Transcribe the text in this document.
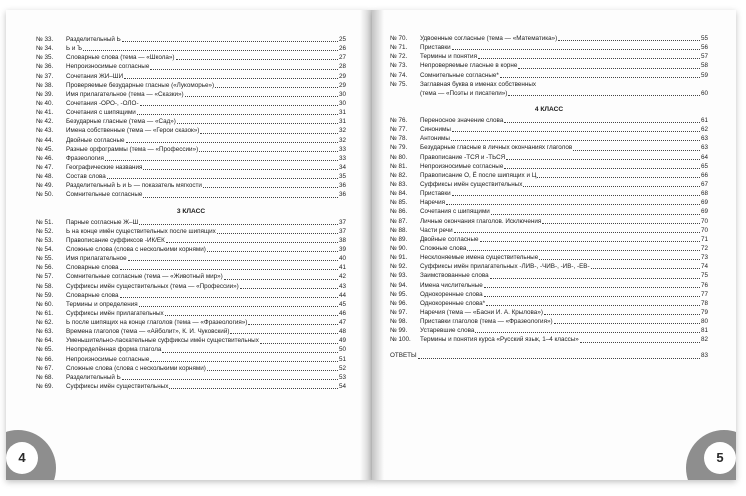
№ 33.	Разделительный Ь	25
№ 34.	Ь и Ъ	26
№ 35.	Словарные слова (тема — «Школа»)	27
№ 36.	Непроизносимые согласные	28
№ 37.	Сочетания ЖИ–ШИ	29
№ 38.	Проверяемые безударные гласные («Лукоморье»)	29
№ 39.	Имя прилагательное (тема — «Сказки»)	30
№ 40.	Сочетания -ОРО-, -ОЛО-	30
№ 41.	Сочетания с шипящими	31
№ 42.	Безударные гласные (тема — «Сад»)	31
№ 43.	Имена собственные (тема — «Герои сказок»)	32
№ 44.	Двойные согласные	32
№ 45.	Разные орфограммы (тема — «Профессии»)	33
№ 46.	Фразеология	33
№ 47.	Географические названия	34
№ 48.	Состав слова	35
№ 49.	Разделительный Ь и Ь — показатель мягкости	36
№ 50.	Сомнительные согласные	36
3 КЛАСС
№ 51.	Парные согласные Ж–Ш	37
№ 52.	Ь на конце имён существительных после шипящих	37
№ 53.	Правописание суффиксов -ИК/ЕК	38
№ 54.	Сложные слова (слова с несколькими корнями)	39
№ 55.	Имя прилагательное	40
№ 56.	Словарные слова	41
№ 57.	Сомнительные согласные (тема — «Животный мир»)	42
№ 58.	Суффиксы имён существительных (тема — «Профессии»)	43
№ 59.	Словарные слова	44
№ 60.	Термины и определения	45
№ 61.	Суффиксы имён прилагательных	46
№ 62.	Ь после шипящих на конце глаголов (тема — «Фразеология»)	47
№ 63.	Времена глаголов (тема — «Айболит», К. И. Чуковский)	48
№ 64.	Уменьшительно-ласкательные суффиксы имён существительных	49
№ 65.	Неопределённая форма глагола	50
№ 66.	Непроизносимые согласные	51
№ 67.	Сложные слова (слова с несколькими корнями)	52
№ 68.	Разделительный Ь	53
№ 69.	Суффиксы имён существительных	54
4
№ 70.	Удвоенные согласные (тема — «Математика»)	55
№ 71.	Приставки	56
№ 72.	Термины и понятия	57
№ 73.	Непроверяемые гласные в корне	58
№ 74.	Сомнительные согласные*	59
№ 75.	Заглавная буква в именах собственных
(тема — «Поэты и писатели»)	60
4 КЛАСС
№ 76.	Переносное значение слова	61
№ 77.	Синонимы	62
№ 78.	Антонимы	63
№ 79.	Безударные гласные в личных окончаниях глаголов	63
№ 80.	Правописание -ТСЯ и -ТЬСЯ	64
№ 81.	Непроизносимые согласные	65
№ 82.	Правописание О, Ё после шипящих и Ц	66
№ 83.	Суффиксы имён существительных	67
№ 84.	Приставки	68
№ 85.	Наречия	69
№ 86.	Сочетания с шипящими	69
№ 87.	Личные окончания глаголов. Исключения	70
№ 88.	Части речи	70
№ 89.	Двойные согласные	71
№ 90.	Сложные слова	72
№ 91.	Несклоняемые имена существительные	73
№ 92.	Суффиксы имён прилагательных -ЛИВ-, -ЧИВ-, -ИВ-, -ЕВ-	74
№ 93.	Заимствованные слова	75
№ 94.	Имена числительные	76
№ 95.	Однокоренные слова	77
№ 96.	Однокоренные слова*	78
№ 97.	Наречия (тема — «Басни И. А. Крылова»)	79
№ 98.	Приставки глаголов (тема — «Фразеология»)	80
№ 99.	Устаревшие слова	81
№ 100.	Термины и понятия курса «Русский язык, 1–4 классы»	82
ОТВЕТЫ	83
5
